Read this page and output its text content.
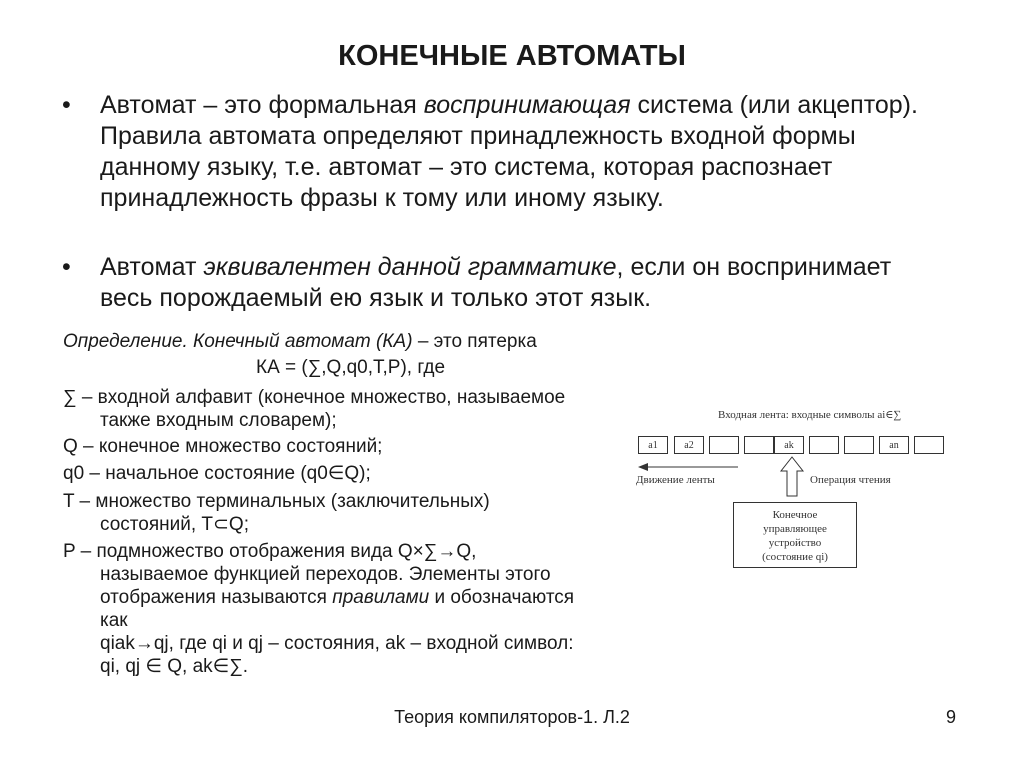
КОНЕЧНЫЕ АВТОМАТЫ
• Автомат – это формальная воспринимающая система (или акцептор). Правила автомата определяют принадлежность входной формы данному языку, т.е. автомат – это система, которая распознает принадлежность фразы к тому или иному языку.
• Автомат эквивалентен данной грамматике, если он воспринимает весь порождаемый ею язык и только этот язык.
Определение. Конечный автомат (КА) – это пятерка
КА = (∑,Q,q0,T,P), где
∑ – входной алфавит (конечное множество, называемое
также входным словарем);
Q – конечное множество состояний;
q0 – начальное состояние (q0∈Q);
T – множество терминальных (заключительных)
состояний, T⊂Q;
P – подмножество отображения вида Q×∑→Q,
называемое функцией переходов. Элементы этого
отображения называются правилами и обозначаются
как
qiak→qj, где qi и qj – состояния, ak – входной символ:
qi, qj ∈ Q, ak∈∑.
Входная лента: входные символы ai∈∑
a1	a2	ak	an
Движение ленты	Операция чтения
Конечное
управляющее
устройство
(состояние qi)
Теория компиляторов-1. Л.2	9
